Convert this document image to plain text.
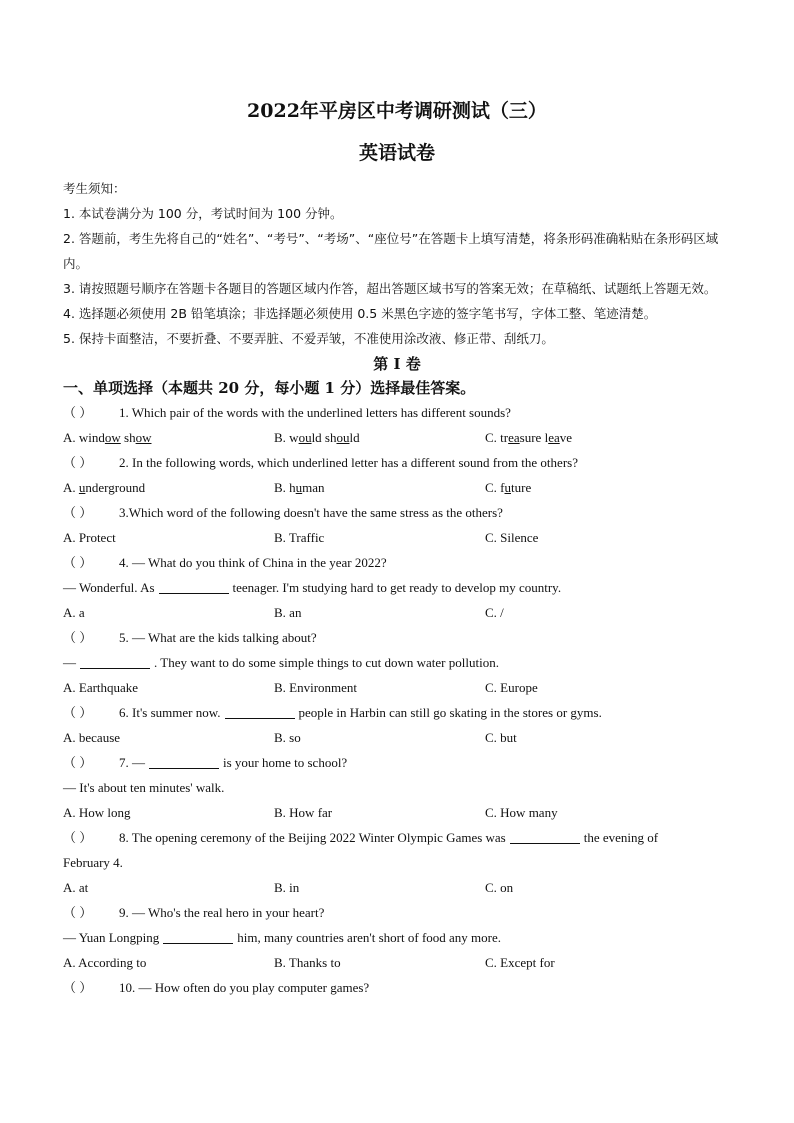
2022年平房区中考调研测试（三）
英语试卷
考生须知：
1. 本试卷满分为 100 分，考试时间为 100 分钟。
2. 答题前，考生先将自己的“姓名”、“考号”、“考场”、“座位号”在答题卡上填写清楚，将条形码准确粘贴在条形码区域内。
3. 请按照题号顺序在答题卡各题目的答题区域内作答，超出答题区域书写的答案无效；在草稿纸、试题纸上答题无效。
4. 选择题必须使用 2B 铅笔填涂；非选择题必须使用 0.5 米黑色字迹的签字笔书写，字体工整、笔迹清楚。
5. 保持卡面整洁，不要折叠、不要弄脏、不爱弄皱，不准使用涂改液、修正带、刮纸刀。
第 I 卷
一、单项选择（本题共 20 分，每小题 1 分）选择最佳答案。
（ ） 1. Which pair of the words with the underlined letters has different sounds?
A. window show	B. would should	C. treasure leave
（ ） 2. In the following words, which underlined letter has a different sound from the others?
A. underground	B. human	C. future
（ ） 3.Which word of the following doesn't have the same stress as the others?
A. Protect	B. Traffic	C. Silence
（ ） 4. — What do you think of China in the year 2022?
— Wonderful. As	teenager. I'm studying hard to get ready to develop my country.
A. a	B. an	C. /
（ ） 5. — What are the kids talking about?
—	. They want to do some simple things to cut down water pollution.
A. Earthquake	B. Environment	C. Europe
（ ） 6. It's summer now.	people in Harbin can still go skating in the stores or gyms.
A. because	B. so	C. but
（ ） 7. —	is your home to school?
— It's about ten minutes' walk.
A. How long	B. How far	C. How many
（ ） 8. The opening ceremony of the Beijing 2022 Winter Olympic Games was	the evening of
February 4.
A. at	B. in	C. on
（ ） 9. — Who's the real hero in your heart?
— Yuan Longping	him, many countries aren't short of food any more.
A. According to	B. Thanks to	C. Except for
（ ） 10. — How often do you play computer games?
